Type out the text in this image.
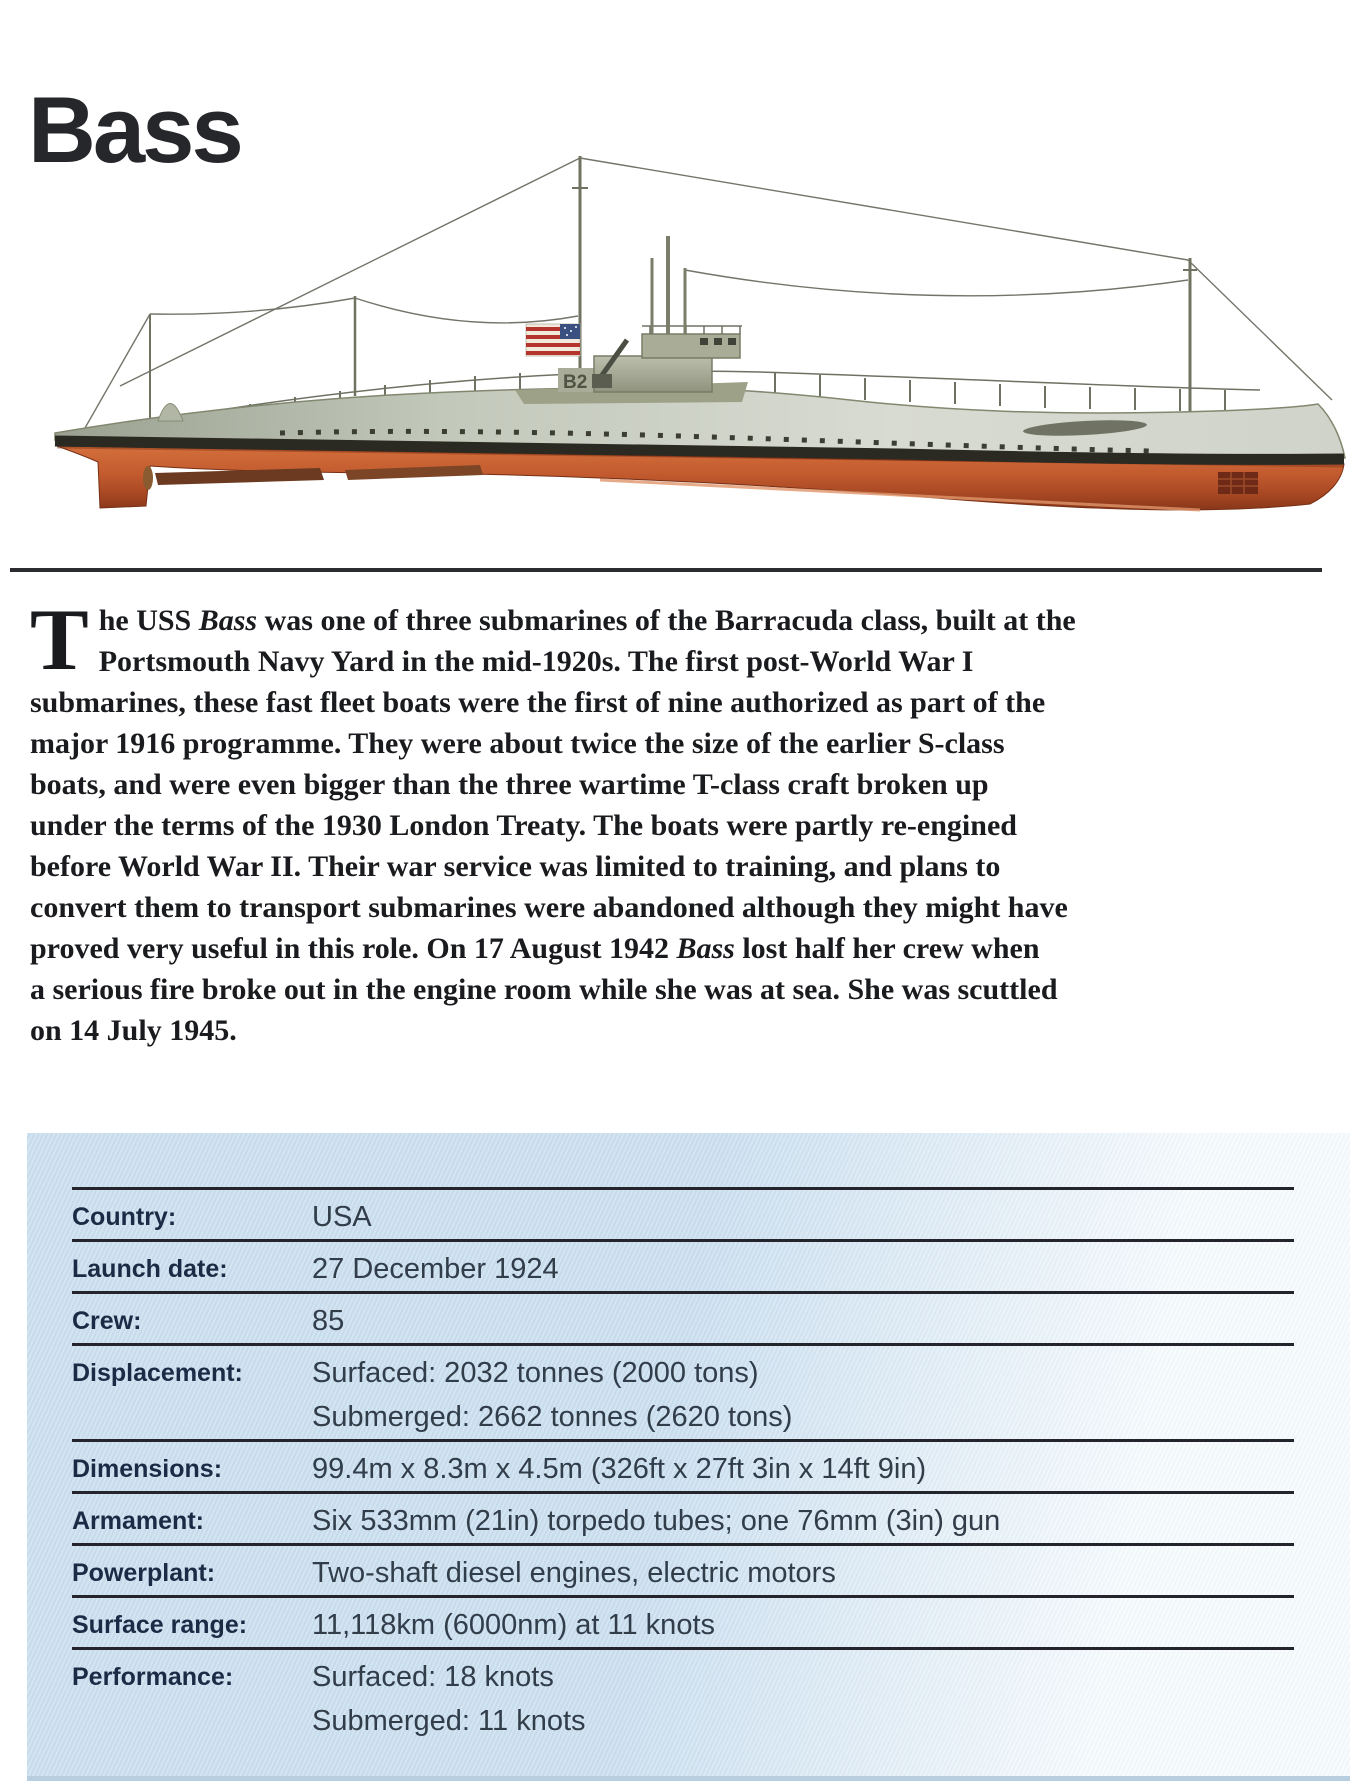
Bass
B2
T he USS Bass was one of three submarines of the Barracuda class, built at the
Portsmouth Navy Yard in the mid-1920s. The first post-World War I
submarines, these fast fleet boats were the first of nine authorized as part of the
major 1916 programme. They were about twice the size of the earlier S-class
boats, and were even bigger than the three wartime T-class craft broken up
under the terms of the 1930 London Treaty. The boats were partly re-engined
before World War II. Their war service was limited to training, and plans to
convert them to transport submarines were abandoned although they might have
proved very useful in this role. On 17 August 1942 Bass lost half her crew when
a serious fire broke out in the engine room while she was at sea. She was scuttled
on 14 July 1945.
Country:	USA
Launch date:	27 December 1924
Crew:	85
Displacement:	Surfaced: 2032 tonnes (2000 tons)
Submerged: 2662 tonnes (2620 tons)
Dimensions:	99.4m x 8.3m x 4.5m (326ft x 27ft 3in x 14ft 9in)
Armament:	Six 533mm (21in) torpedo tubes; one 76mm (3in) gun
Powerplant:	Two-shaft diesel engines, electric motors
Surface range:	11,118km (6000nm) at 11 knots
Performance:	Surfaced: 18 knots
Submerged: 11 knots
